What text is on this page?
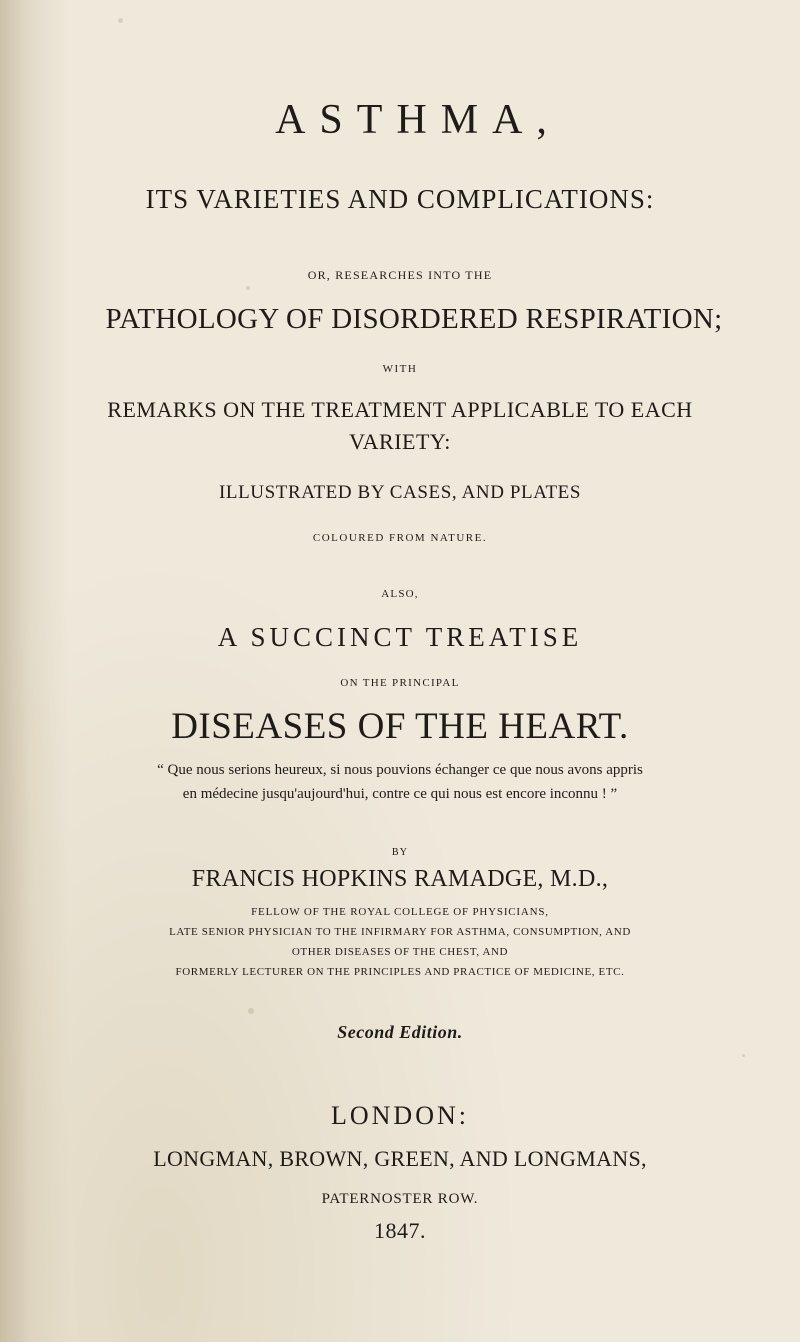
ASTHMA,
ITS VARIETIES AND COMPLICATIONS:
OR, RESEARCHES INTO THE
PATHOLOGY OF DISORDERED RESPIRATION;
WITH
REMARKS ON THE TREATMENT APPLICABLE TO EACH
VARIETY:
ILLUSTRATED BY CASES, AND PLATES
COLOURED FROM NATURE.
ALSO,
A SUCCINCT TREATISE
ON THE PRINCIPAL
DISEASES OF THE HEART.
“ Que nous serions heureux, si nous pouvions échanger ce que nous avons appris
en médecine jusqu'aujourd'hui, contre ce qui nous est encore inconnu ! ”
BY
FRANCIS HOPKINS RAMADGE, M.D.,
FELLOW OF THE ROYAL COLLEGE OF PHYSICIANS,
LATE SENIOR PHYSICIAN TO THE INFIRMARY FOR ASTHMA, CONSUMPTION, AND
OTHER DISEASES OF THE CHEST, AND
FORMERLY LECTURER ON THE PRINCIPLES AND PRACTICE OF MEDICINE, ETC.
Second Edition.
LONDON:
LONGMAN, BROWN, GREEN, AND LONGMANS,
PATERNOSTER ROW.
1847.
